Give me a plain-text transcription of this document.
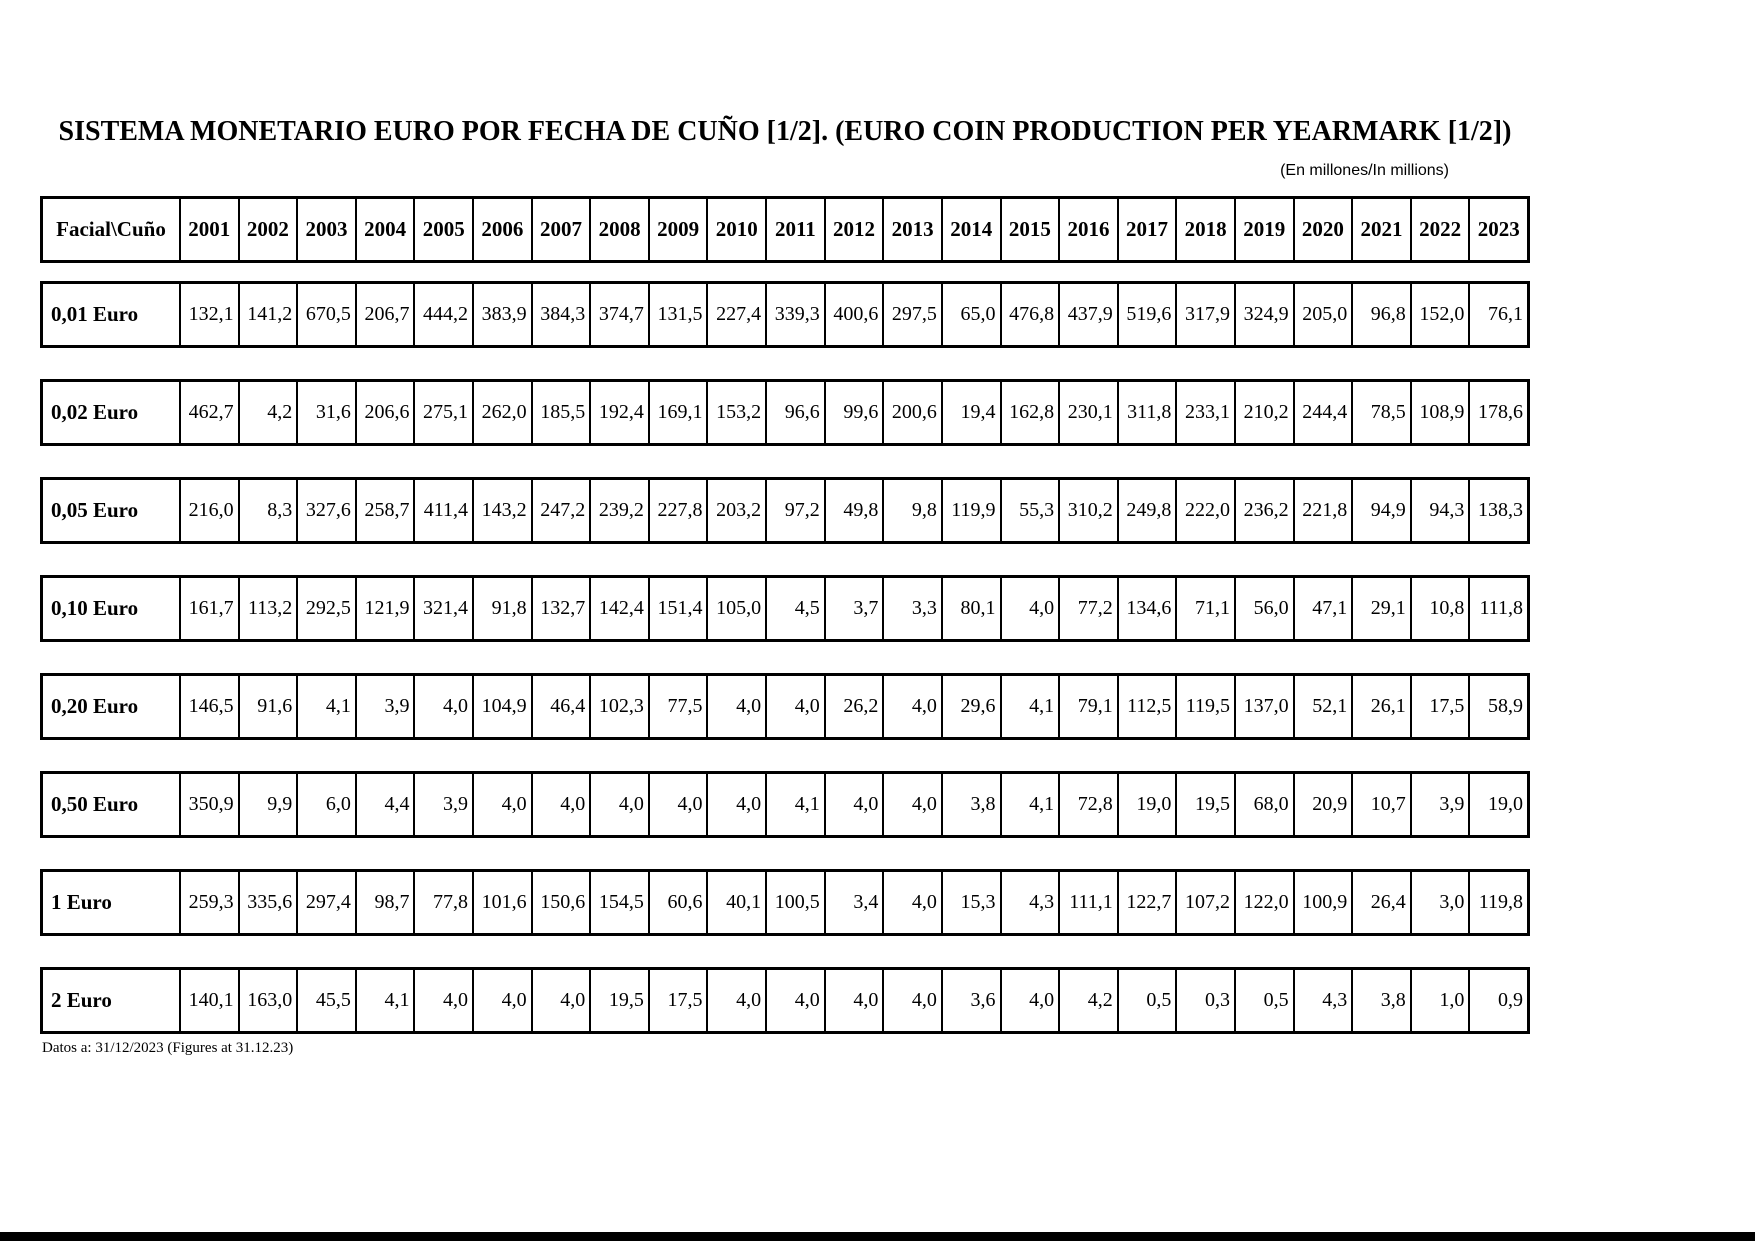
SISTEMA MONETARIO EURO POR FECHA DE CUÑO [1/2]. (EURO COIN PRODUCTION PER YEARMARK [1/2])
(En millones/In millions)
Facial\Cuño	2001 2002 2003 2004 2005 2006 2007 2008 2009 2010 2011 2012 2013 2014 2015 2016 2017 2018 2019 2020 2021 2022 2023
0,01 Euro	132,1 141,2 670,5 206,7 444,2 383,9 384,3 374,7 131,5 227,4 339,3 400,6 297,5	65,0 476,8 437,9 519,6 317,9 324,9 205,0	96,8 152,0	76,1
0,02 Euro	462,7	4,2	31,6 206,6 275,1 262,0 185,5 192,4 169,1 153,2	96,6	99,6 200,6	19,4 162,8 230,1 311,8 233,1 210,2 244,4	78,5 108,9 178,6
0,05 Euro	216,0	8,3 327,6 258,7 411,4 143,2 247,2 239,2 227,8 203,2	97,2	49,8	9,8 119,9	55,3 310,2 249,8 222,0 236,2 221,8	94,9	94,3 138,3
0,10 Euro	161,7 113,2 292,5 121,9 321,4	91,8 132,7 142,4 151,4 105,0	4,5	3,7	3,3	80,1	4,0	77,2 134,6	71,1	56,0	47,1	29,1	10,8 111,8
0,20 Euro	146,5	91,6	4,1	3,9	4,0 104,9	46,4 102,3	77,5	4,0	4,0	26,2	4,0	29,6	4,1	79,1 112,5 119,5 137,0	52,1	26,1	17,5	58,9
0,50 Euro	350,9	9,9	6,0	4,4	3,9	4,0	4,0	4,0	4,0	4,0	4,1	4,0	4,0	3,8	4,1	72,8	19,0	19,5	68,0	20,9	10,7	3,9	19,0
1 Euro	259,3 335,6 297,4	98,7	77,8 101,6 150,6 154,5	60,6	40,1 100,5	3,4	4,0	15,3	4,3 111,1 122,7 107,2 122,0 100,9	26,4	3,0 119,8
2 Euro	140,1 163,0	45,5	4,1	4,0	4,0	4,0	19,5	17,5	4,0	4,0	4,0	4,0	3,6	4,0	4,2	0,5	0,3	0,5	4,3	3,8	1,0	0,9
Datos a: 31/12/2023 (Figures at 31.12.23)
